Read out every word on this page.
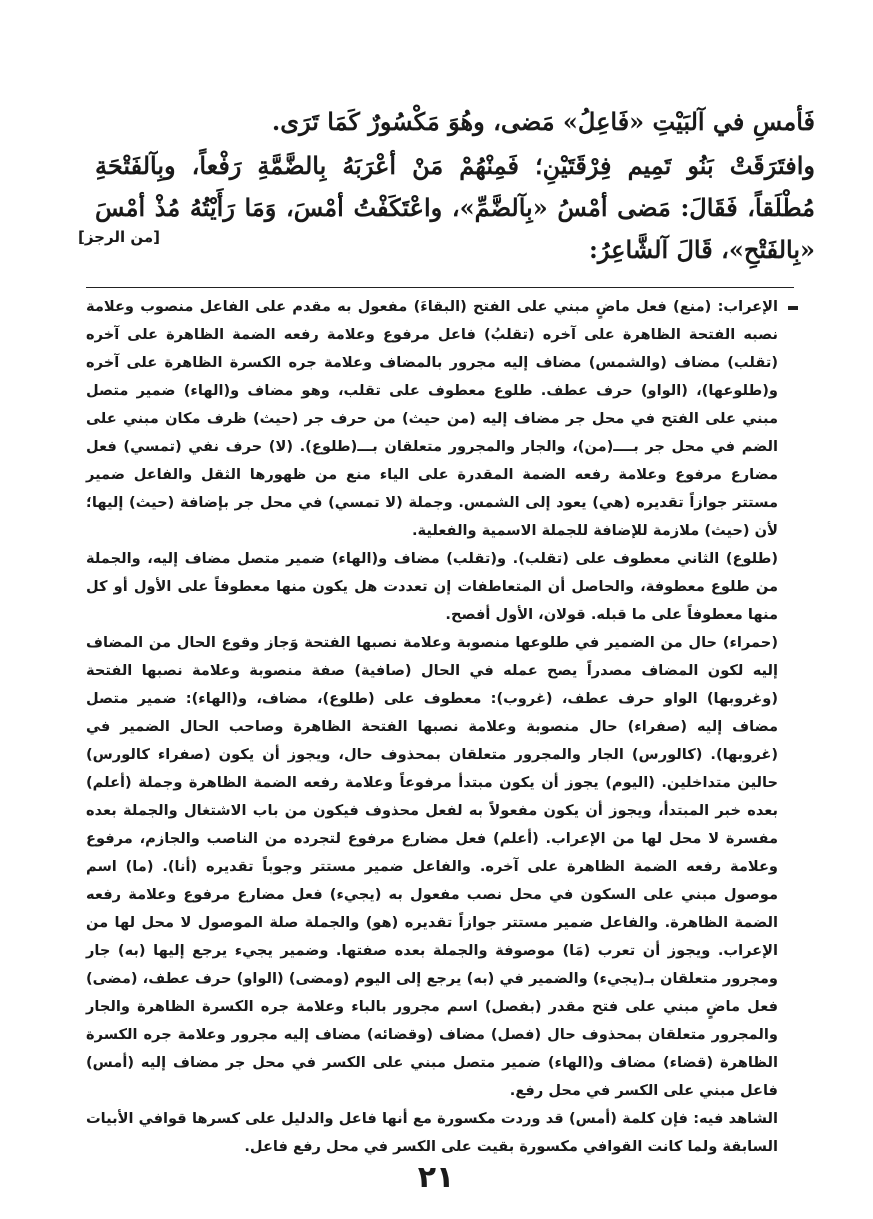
فَأمسِ في آلبَيْتِ «فَاعِلُ» مَضى، وهُوَ مَكْسُورٌ كَمَا تَرَى.

وافتَرَقَتْ بَنُو تَمِيم فِرْقَتَيْنِ؛ فَمِنْهُمْ مَنْ أعْرَبَهُ بِالضَّمَّةِ رَفْعاً، وبِآلفَتْحَةِ مُطْلَقاً، فَقَالَ: مَضى أمْسُ «بِآلضَّمِّ»، واعْتَكَفْتُ أمْسَ، وَمَا رَأَيْتُهُ مُذْ أمْسَ «بِالفَتْحِ»، قَالَ آلشَّاعِرُ:

[من الرجز]

الإعراب: (منع) فعل ماضٍ مبني على الفتح (البقاءَ) مفعول به مقدم على الفاعل منصوب وعلامة نصبه الفتحة الظاهرة على آخره (تقلبُ) فاعل مرفوع وعلامة رفعه الضمة الظاهرة على آخره (تقلب) مضاف (والشمس) مضاف إليه مجرور بالمضاف وعلامة جره الكسرة الظاهرة على آخره و(طلوعها)، (الواو) حرف عطف. طلوع معطوف على تقلب، وهو مضاف و(الهاء) ضمير متصل مبني على الفتح في محل جر مضاف إليه (من حيث) من حرف جر (حيث) ظرف مكان مبني على الضم في محل جر بــــ(من)، والجار والمجرور متعلقان بـــ(طلوع). (لا) حرف نفي (تمسي) فعل مضارع مرفوع وعلامة رفعه الضمة المقدرة على الياء منع من ظهورها الثقل والفاعل ضمير مستتر جوازاً تقديره (هي) يعود إلى الشمس. وجملة (لا تمسي) في محل جر بإضافة (حيث) إليها؛ لأن (حيث) ملازمة للإضافة للجملة الاسمية والفعلية.

(طلوع) الثاني معطوف على (تقلب). و(تقلب) مضاف و(الهاء) ضمير متصل مضاف إليه، والجملة من طلوع معطوفة، والحاصل أن المتعاطفات إن تعددت هل يكون منها معطوفاً على الأول أو كل منها معطوفاً على ما قبله. قولان، الأول أفصح.

(حمراء) حال من الضمير في طلوعها منصوبة وعلامة نصبها الفتحة وَجاز وقوع الحال من المضاف إليه لكون المضاف مصدراً يصح عمله في الحال (صافية) صفة منصوبة وعلامة نصبها الفتحة (وغروبها) الواو حرف عطف، (غروب): معطوف على (طلوع)، مضاف، و(الهاء): ضمير متصل مضاف إليه (صفراء) حال منصوبة وعلامة نصبها الفتحة الظاهرة وصاحب الحال الضمير في (غروبها). (كالورس) الجار والمجرور متعلقان بمحذوف حال، ويجوز أن يكون (صفراء كالورس) حالين متداخلين. (اليوم) يجوز أن يكون مبتدأ مرفوعاً وعلامة رفعه الضمة الظاهرة وجملة (أعلم) بعده خبر المبتدأ، ويجوز أن يكون مفعولاً به لفعل محذوف فيكون من باب الاشتغال والجملة بعده مفسرة لا محل لها من الإعراب. (أعلم) فعل مضارع مرفوع لتجرده من الناصب والجازم، مرفوع وعلامة رفعه الضمة الظاهرة على آخره. والفاعل ضمير مستتر وجوباً تقديره (أنا). (ما) اسم موصول مبني على السكون في محل نصب مفعول به (يجيء) فعل مضارع مرفوع وعلامة رفعه الضمة الظاهرة. والفاعل ضمير مستتر جوازاً تقديره (هو) والجملة صلة الموصول لا محل لها من الإعراب. ويجوز أن تعرب (مَا) موصوفة والجملة بعده صفتها. وضمير يجيء يرجع إليها (به) جار ومجرور متعلقان بـ(يجيء) والضمير في (به) يرجع إلى اليوم (ومضى) (الواو) حرف عطف، (مضى) فعل ماضٍ مبني على فتح مقدر (بفصل) اسم مجرور بالباء وعلامة جره الكسرة الظاهرة والجار والمجرور متعلقان بمحذوف حال (فصل) مضاف (وقضائه) مضاف إليه مجرور وعلامة جره الكسرة الظاهرة (قضاء) مضاف و(الهاء) ضمير متصل مبني على الكسر في محل جر مضاف إليه (أمس) فاعل مبني على الكسر في محل رفع.

الشاهد فيه: فإن كلمة (أمس) قد وردت مكسورة مع أنها فاعل والدليل على كسرها قوافي الأبيات السابقة ولما كانت القوافي مكسورة بقيت على الكسر في محل رفع فاعل.

٢١
